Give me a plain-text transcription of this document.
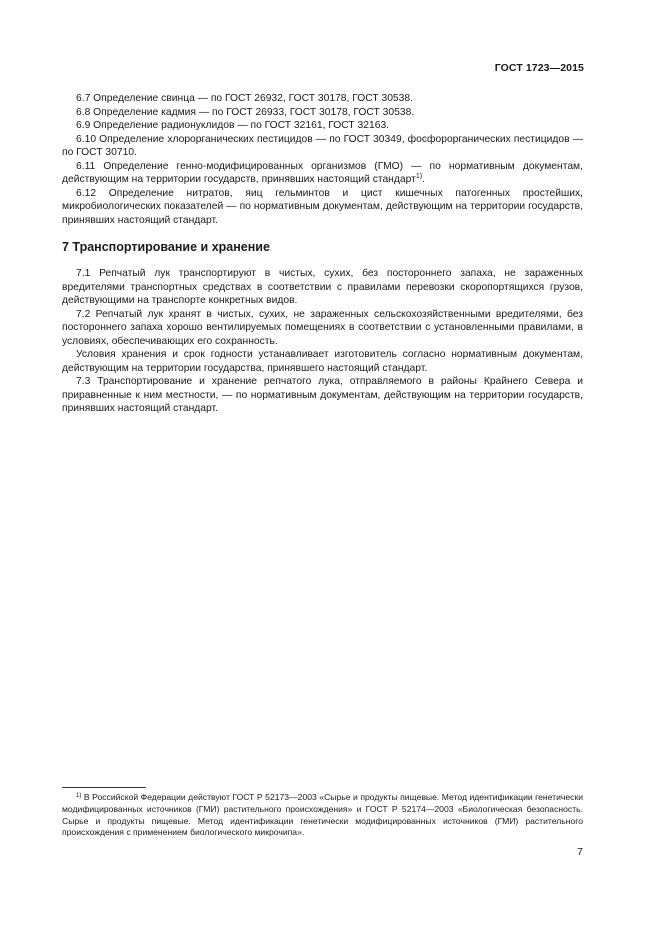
ГОСТ 1723—2015

6.7 Определение свинца — по ГОСТ 26932, ГОСТ 30178, ГОСТ 30538.

6.8 Определение кадмия — по ГОСТ 26933, ГОСТ 30178, ГОСТ 30538.

6.9 Определение радионуклидов — по ГОСТ 32161, ГОСТ 32163.

6.10 Определение хлорорганических пестицидов — по ГОСТ 30349, фосфорорганических пестицидов — по ГОСТ 30710.

6.11 Определение генно-модифицированных организмов (ГМО) — по нормативным документам, действующим на территории государств, принявших настоящий стандарт$^{1)}$.

6.12 Определение нитратов, яиц гельминтов и цист кишечных патогенных простейших, микробиологических показателей — по нормативным документам, действующим на территории государств, принявших настоящий стандарт.

7 Транспортирование и хранение

7.1 Репчатый лук транспортируют в чистых, сухих, без постороннего запаха, не зараженных вредителями транспортных средствах в соответствии с правилами перевозки скоропортящихся грузов, действующими на транспорте конкретных видов.

7.2 Репчатый лук хранят в чистых, сухих, не зараженных сельскохозяйственными вредителями, без постороннего запаха хорошо вентилируемых помещениях в соответствии с установленными правилами, в условиях, обеспечивающих его сохранность.

Условия хранения и срок годности устанавливает изготовитель согласно нормативным документам, действующим на территории государства, принявшего настоящий стандарт.

7.3 Транспортирование и хранение репчатого лука, отправляемого в районы Крайнего Севера и приравненные к ним местности, — по нормативным документам, действующим на территории государств, принявших настоящий стандарт.

$^{1)}$ В Российской Федерации действуют ГОСТ Р 52173—2003 «Сырье и продукты пищевые. Метод идентификации генетически модифицированных источников (ГМИ) растительного происхождения» и ГОСТ Р 52174—2003 «Биологическая безопасность. Сырье и продукты пищевые. Метод идентификации генетически модифицированных источников (ГМИ) растительного происхождения с применением биологического микрочипа».

7
